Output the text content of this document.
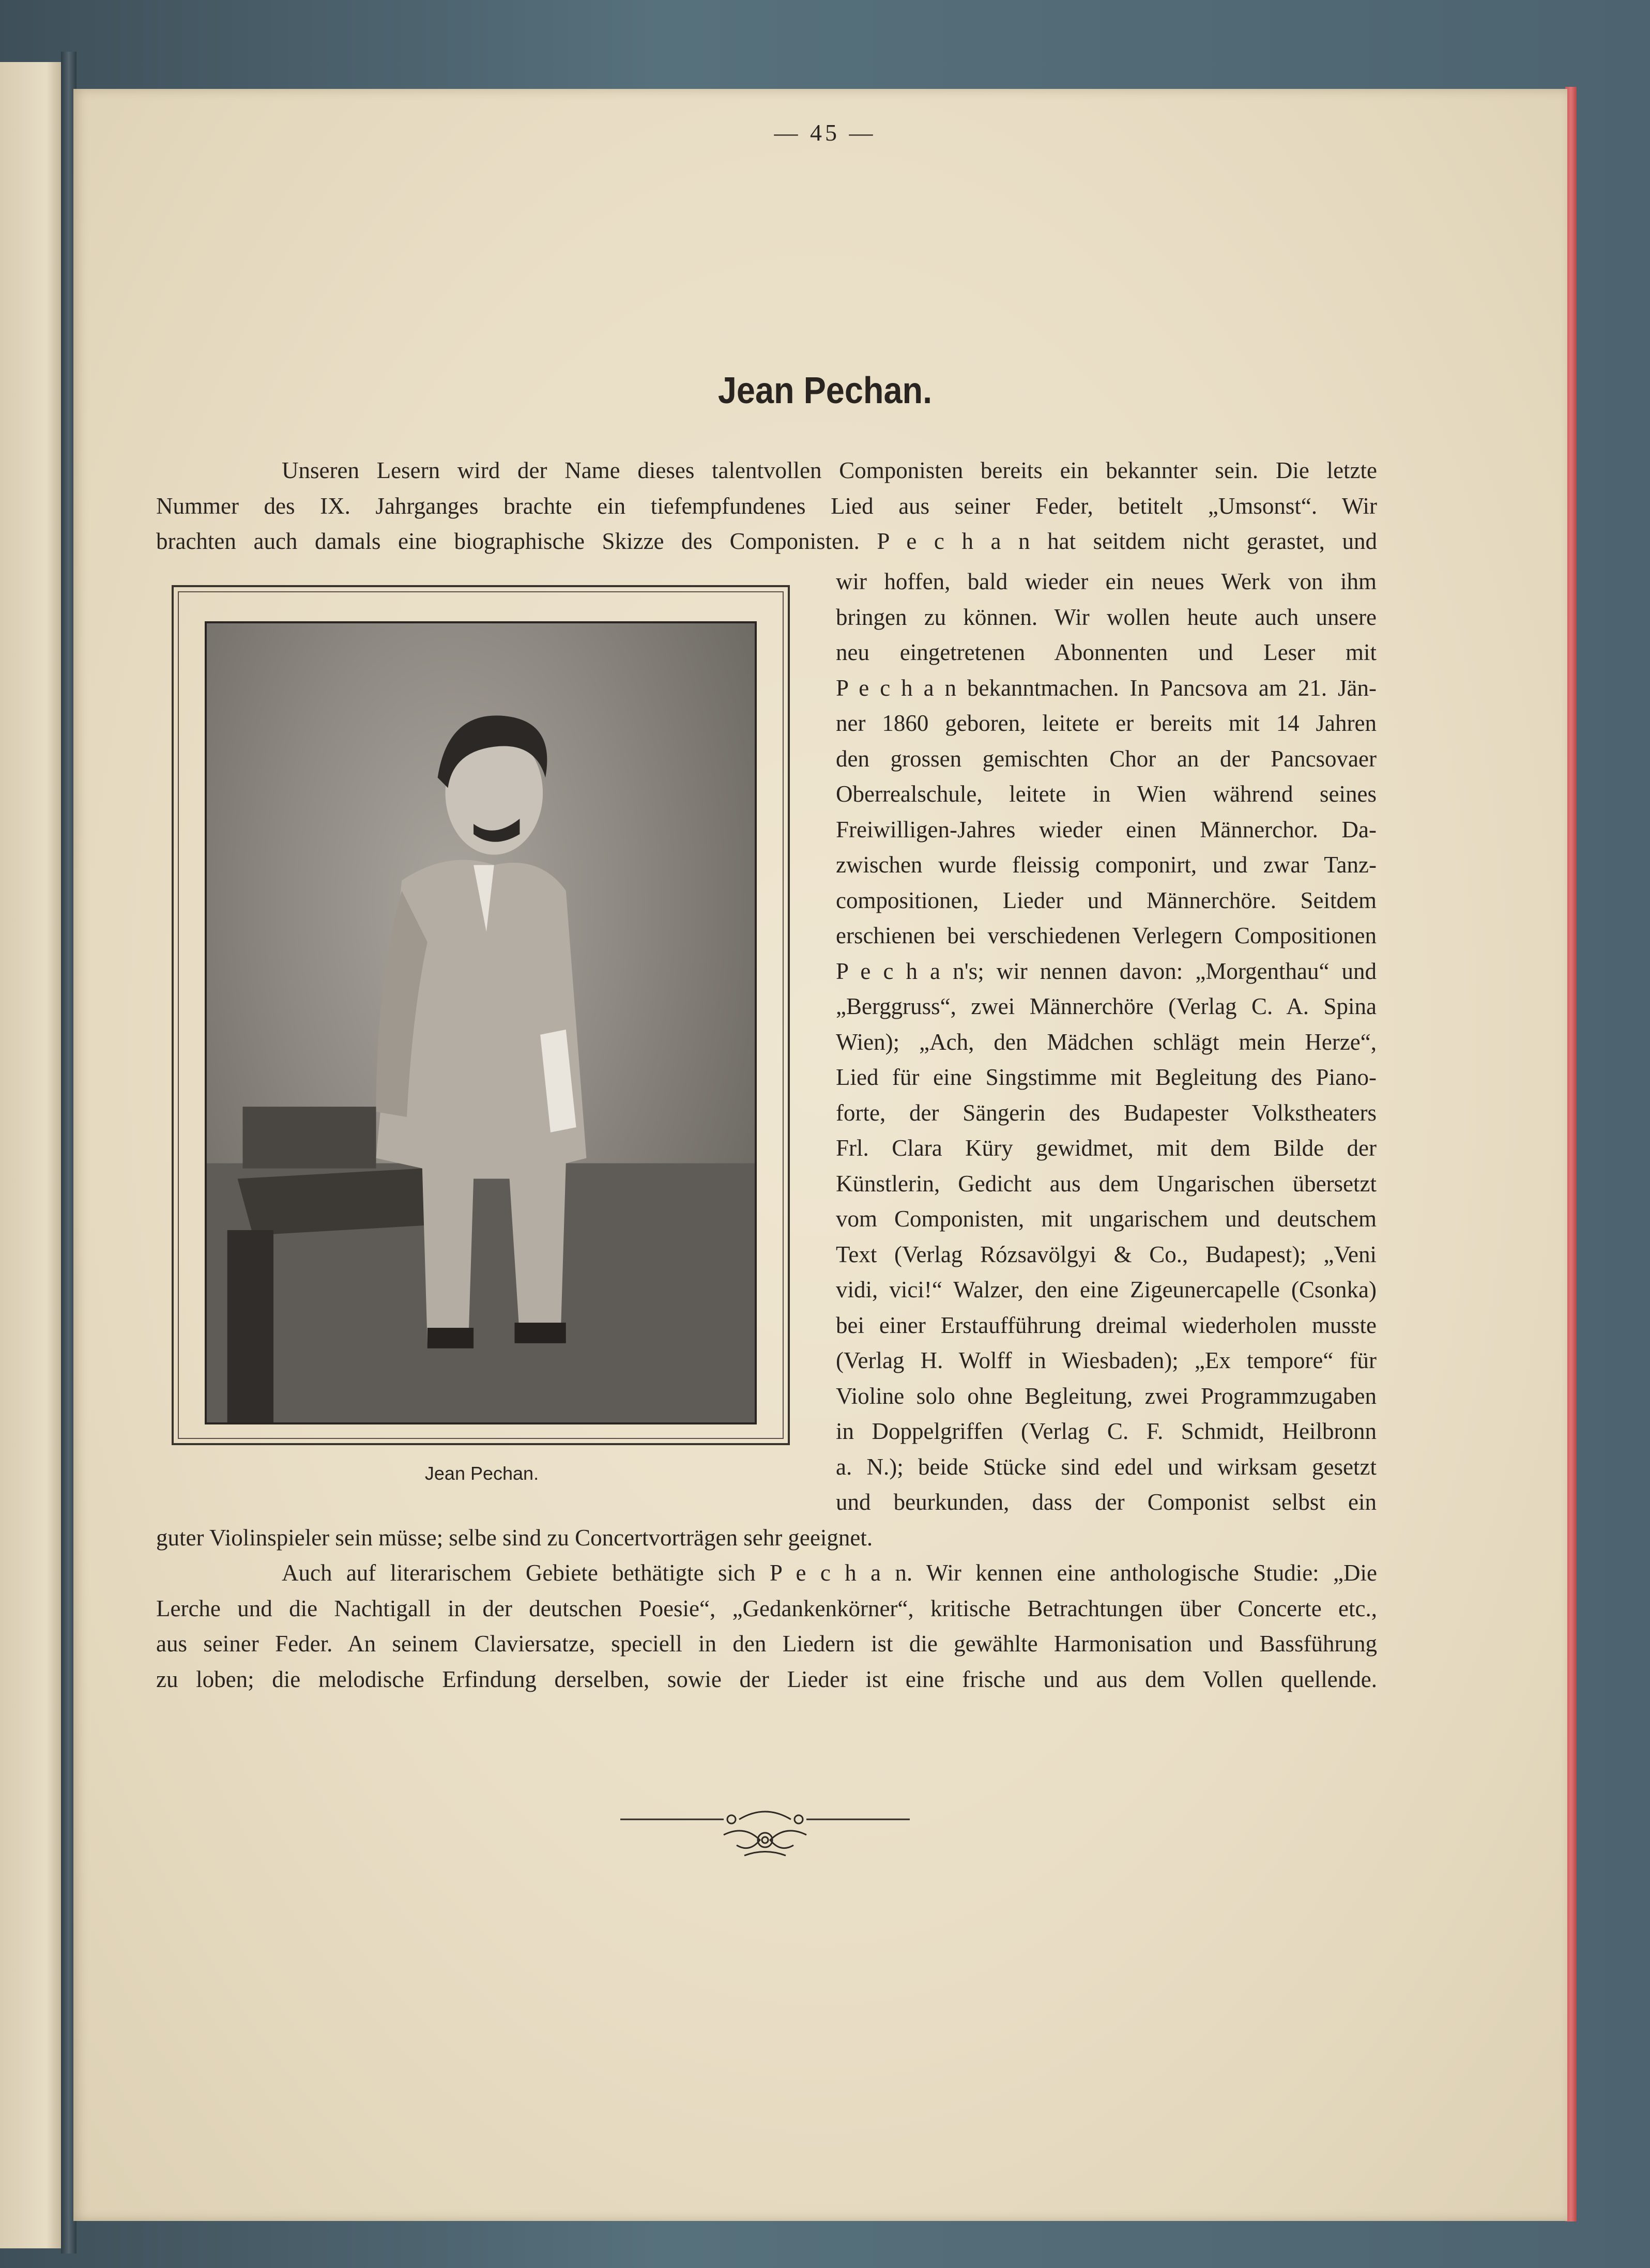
— 45 —
Jean Pechan.
Unseren Lesern wird der Name dieses talentvollen Componisten bereits ein bekannter sein. Die letzte
Nummer des IX. Jahrganges brachte ein tiefempfundenes Lied aus seiner Feder, betitelt „Umsonst“. Wir
brachten auch damals eine biographische Skizze des Componisten. P e c h a n hat seitdem nicht gerastet, und
Jean Pechan.
wir hoffen, bald wieder ein neues Werk von ihm
bringen zu können. Wir wollen heute auch unsere
neu eingetretenen Abonnenten und Leser mit
P e c h a n bekanntmachen. In Pancsova am 21. Jän-
ner 1860 geboren, leitete er bereits mit 14 Jahren
den grossen gemischten Chor an der Pancsovaer
Oberrealschule, leitete in Wien während seines
Freiwilligen-Jahres wieder einen Männerchor. Da-
zwischen wurde fleissig componirt, und zwar Tanz-
compositionen, Lieder und Männerchöre. Seitdem
erschienen bei verschiedenen Verlegern Compositionen
P e c h a n's; wir nennen davon: „Morgenthau“ und
„Berggruss“, zwei Männerchöre (Verlag C. A. Spina
Wien); „Ach, den Mädchen schlägt mein Herze“,
Lied für eine Singstimme mit Begleitung des Piano-
forte, der Sängerin des Budapester Volkstheaters
Frl. Clara Küry gewidmet, mit dem Bilde der
Künstlerin, Gedicht aus dem Ungarischen übersetzt
vom Componisten, mit ungarischem und deutschem
Text (Verlag Rózsavölgyi & Co., Budapest); „Veni
vidi, vici!“ Walzer, den eine Zigeunercapelle (Csonka)
bei einer Erstaufführung dreimal wiederholen musste
(Verlag H. Wolff in Wiesbaden); „Ex tempore“ für
Violine solo ohne Begleitung, zwei Programmzugaben
in Doppelgriffen (Verlag C. F. Schmidt, Heilbronn
a. N.); beide Stücke sind edel und wirksam gesetzt
und beurkunden, dass der Componist selbst ein
guter Violinspieler sein müsse; selbe sind zu Concertvorträgen sehr geeignet.
Auch auf literarischem Gebiete bethätigte sich P e c h a n. Wir kennen eine anthologische Studie: „Die
Lerche und die Nachtigall in der deutschen Poesie“, „Gedankenkörner“, kritische Betrachtungen über Concerte etc.,
aus seiner Feder. An seinem Claviersatze, speciell in den Liedern ist die gewählte Harmonisation und Bassführung
zu loben; die melodische Erfindung derselben, sowie der Lieder ist eine frische und aus dem Vollen quellende.
